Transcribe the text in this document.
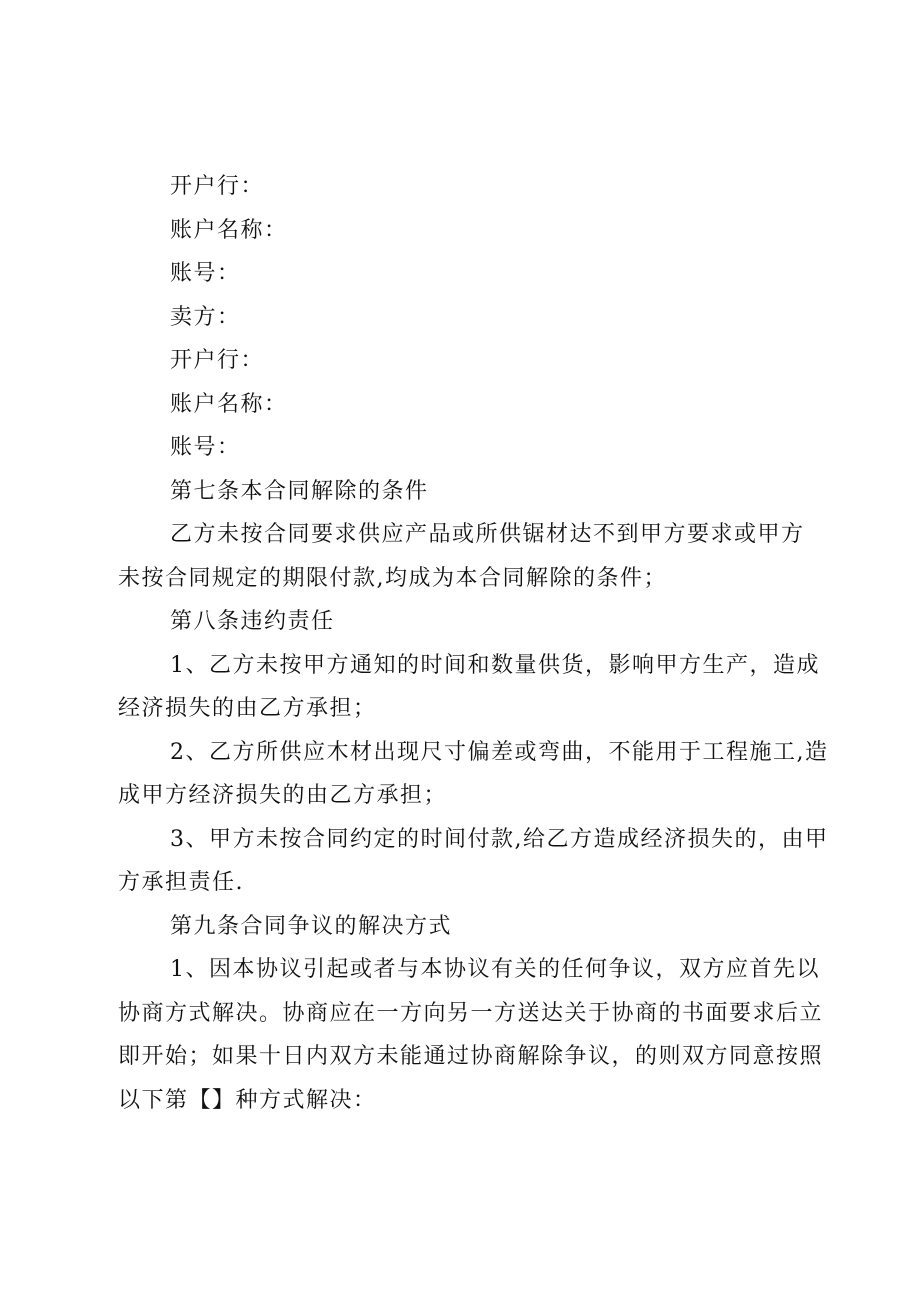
开户行：

账户名称：

账号：

卖方：

开户行：

账户名称：

账号：

第七条本合同解除的条件

乙方未按合同要求供应产品或所供锯材达不到甲方要求或甲方

未按合同规定的期限付款,均成为本合同解除的条件；

第八条违约责任

1、乙方未按甲方通知的时间和数量供货，影响甲方生产，造成

经济损失的由乙方承担；

2、乙方所供应木材出现尺寸偏差或弯曲，不能用于工程施工,造

成甲方经济损失的由乙方承担；

3、甲方未按合同约定的时间付款,给乙方造成经济损失的，由甲

方承担责任.

第九条合同争议的解决方式

1、因本协议引起或者与本协议有关的任何争议，双方应首先以

协商方式解决。协商应在一方向另一方送达关于协商的书面要求后立

即开始；如果十日内双方未能通过协商解除争议，的则双方同意按照

以下第【】种方式解决：
